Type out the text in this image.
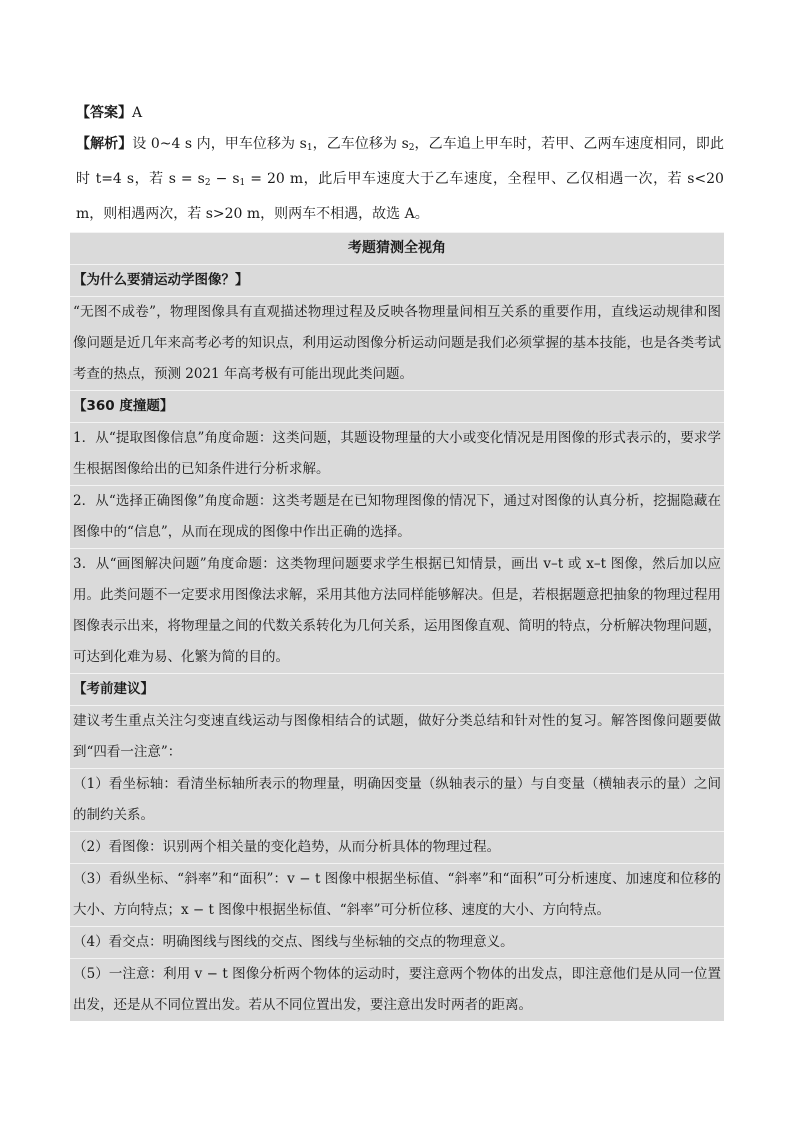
【答案】A
【解析】设 0~4 s 内，甲车位移为 $s_1$，乙车位移为 $s_2$，乙车追上甲车时，若甲、乙两车速度相同，即此时 t=4 s，若 $s = s_2 - s_1 = 20$ m，此后甲车速度大于乙车速度，全程甲、乙仅相遇一次，若 s<20 m，则相遇两次，若 s>20 m，则两车不相遇，故选 A。
考题猜测全视角
【为什么要猜运动学图像？】
“无图不成卷”，物理图像具有直观描述物理过程及反映各物理量间相互关系的重要作用，直线运动规律和图像问题是近几年来高考必考的知识点，利用运动图像分析运动问题是我们必须掌握的基本技能，也是各类考试考查的热点，预测 2021 年高考极有可能出现此类问题。
【360 度撞题】
1．从“提取图像信息”角度命题：这类问题，其题设物理量的大小或变化情况是用图像的形式表示的，要求学生根据图像给出的已知条件进行分析求解。
2．从“选择正确图像”角度命题：这类考题是在已知物理图像的情况下，通过对图像的认真分析，挖掘隐藏在图像中的“信息”，从而在现成的图像中作出正确的选择。
3．从“画图解决问题”角度命题：这类物理问题要求学生根据已知情景，画出 v–t 或 x–t 图像，然后加以应用。此类问题不一定要求用图像法求解，采用其他方法同样能够解决。但是，若根据题意把抽象的物理过程用图像表示出来，将物理量之间的代数关系转化为几何关系，运用图像直观、简明的特点，分析解决物理问题，可达到化难为易、化繁为简的目的。
【考前建议】
建议考生重点关注匀变速直线运动与图像相结合的试题，做好分类总结和针对性的复习。解答图像问题要做到“四看一注意”：
（1）看坐标轴：看清坐标轴所表示的物理量，明确因变量（纵轴表示的量）与自变量（横轴表示的量）之间的制约关系。
（2）看图像：识别两个相关量的变化趋势，从而分析具体的物理过程。
（3）看纵坐标、“斜率”和“面积”：v − t 图像中根据坐标值、“斜率”和“面积”可分析速度、加速度和位移的大小、方向特点；x − t 图像中根据坐标值、“斜率”可分析位移、速度的大小、方向特点。
（4）看交点：明确图线与图线的交点、图线与坐标轴的交点的物理意义。
（5）一注意：利用 v − t 图像分析两个物体的运动时，要注意两个物体的出发点，即注意他们是从同一位置出发，还是从不同位置出发。若从不同位置出发，要注意出发时两者的距离。
